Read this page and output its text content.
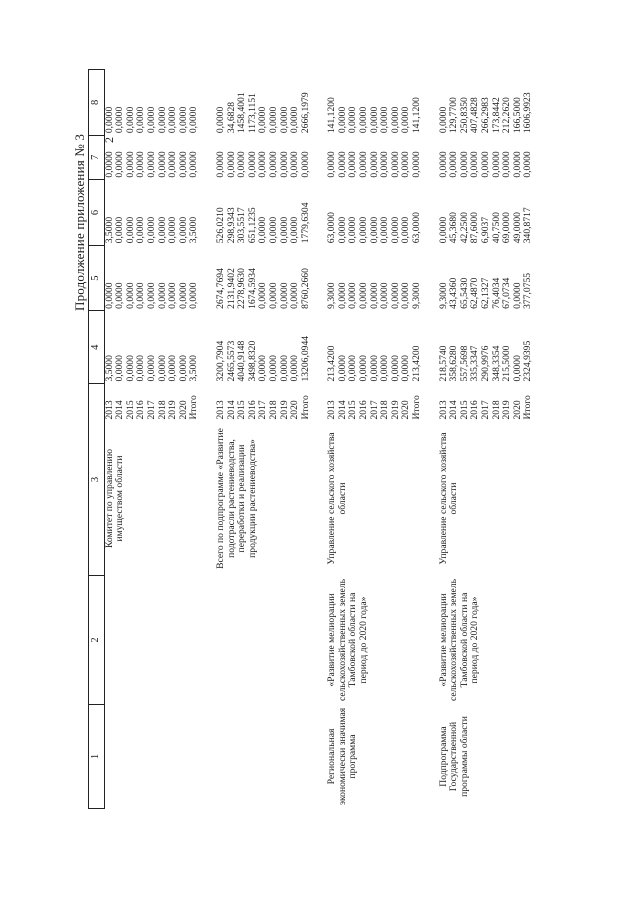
2
Продолжение приложения № 3
1	2	3		4	5	6	7	8
		Комитет по управлению имуществом области	2013	3,5000	0,0000	3,5000	0,0000	0,0000
			2014	0,0000	0,0000	0,0000	0,0000	0,0000
			2015	0,0000	0,0000	0,0000	0,0000	0,0000
			2016	0,0000	0,0000	0,0000	0,0000	0,0000
			2017	0,0000	0,0000	0,0000	0,0000	0,0000
			2018	0,0000	0,0000	0,0000	0,0000	0,0000
			2019	0,0000	0,0000	0,0000	0,0000	0,0000
			2020	0,0000	0,0000	0,0000	0,0000	0,0000
			Итого	3,5000	0,0000	3,5000	0,0000	0,0000

		Всего по подпрограмме «Развитие подотрасли растениеводства, переработки и реализации продукции растениеводства»	2013	3200,7904	2674,7694	526,0210	0,0000	0,0000
			2014	2465,5573	2131,9402	298,9343	0,0000	34,6828
			2015	4040,9148	2278,9630	303,5517	0,0000	1458,4001
			2016	3498,8320	1674,5934	651,1235	0,0000	1173,1151
			2017	0,0000	0,0000	0,0000	0,0000	0,0000
			2018	0,0000	0,0000	0,0000	0,0000	0,0000
			2019	0,0000	0,0000	0,0000	0,0000	0,0000
			2020	0,0000	0,0000	0,0000	0,0000	0,0000
			Итого	13206,0944	8760,2660	1779,6304	0,0000	2666,1979

Региональная экономически значимая программа	«Развитие мелиорации сельскохозяйственных земель Тамбовской области на период до 2020 года»	Управление сельского хозяйства области	2013	213,4200	9,3000	63,0000	0,0000	141,1200
			2014	0,0000	0,0000	0,0000	0,0000	0,0000
			2015	0,0000	0,0000	0,0000	0,0000	0,0000
			2016	0,0000	0,0000	0,0000	0,0000	0,0000
			2017	0,0000	0,0000	0,0000	0,0000	0,0000
			2018	0,0000	0,0000	0,0000	0,0000	0,0000
			2019	0,0000	0,0000	0,0000	0,0000	0,0000
			2020	0,0000	0,0000	0,0000	0,0000	0,0000
			Итого	213,4200	9,3000	63,0000	0,0000	141,1200

Подпрограмма Государственной программы области	«Развитие мелиорации сельскохозяйственных земель Тамбовской области на период до 2020 года»	Управление сельского хозяйства области	2013	218,5740	9,3000	0,0000	0,0000	0,0000
			2014	358,6280	43,4360	45,3680	0,0000	129,7700
			2015	557,5698	65,5430	42,2500	0,0000	250,8350
			2016	335,3347	62,4870	87,6000	0,0000	407,4828
			2017	290,9976	62,1327	6,9037	0,0000	266,2983
			2018	348,3354	76,4034	40,7500	0,0000	173,8442
			2019	215,5000	67,0734	69,0000	0,0000	212,2620
			2020	0,0000	0,0000	49,0000	0,0000	166,5000
			Итого	2324,9395	377,0755	340,8717	0,0000	1606,9923
